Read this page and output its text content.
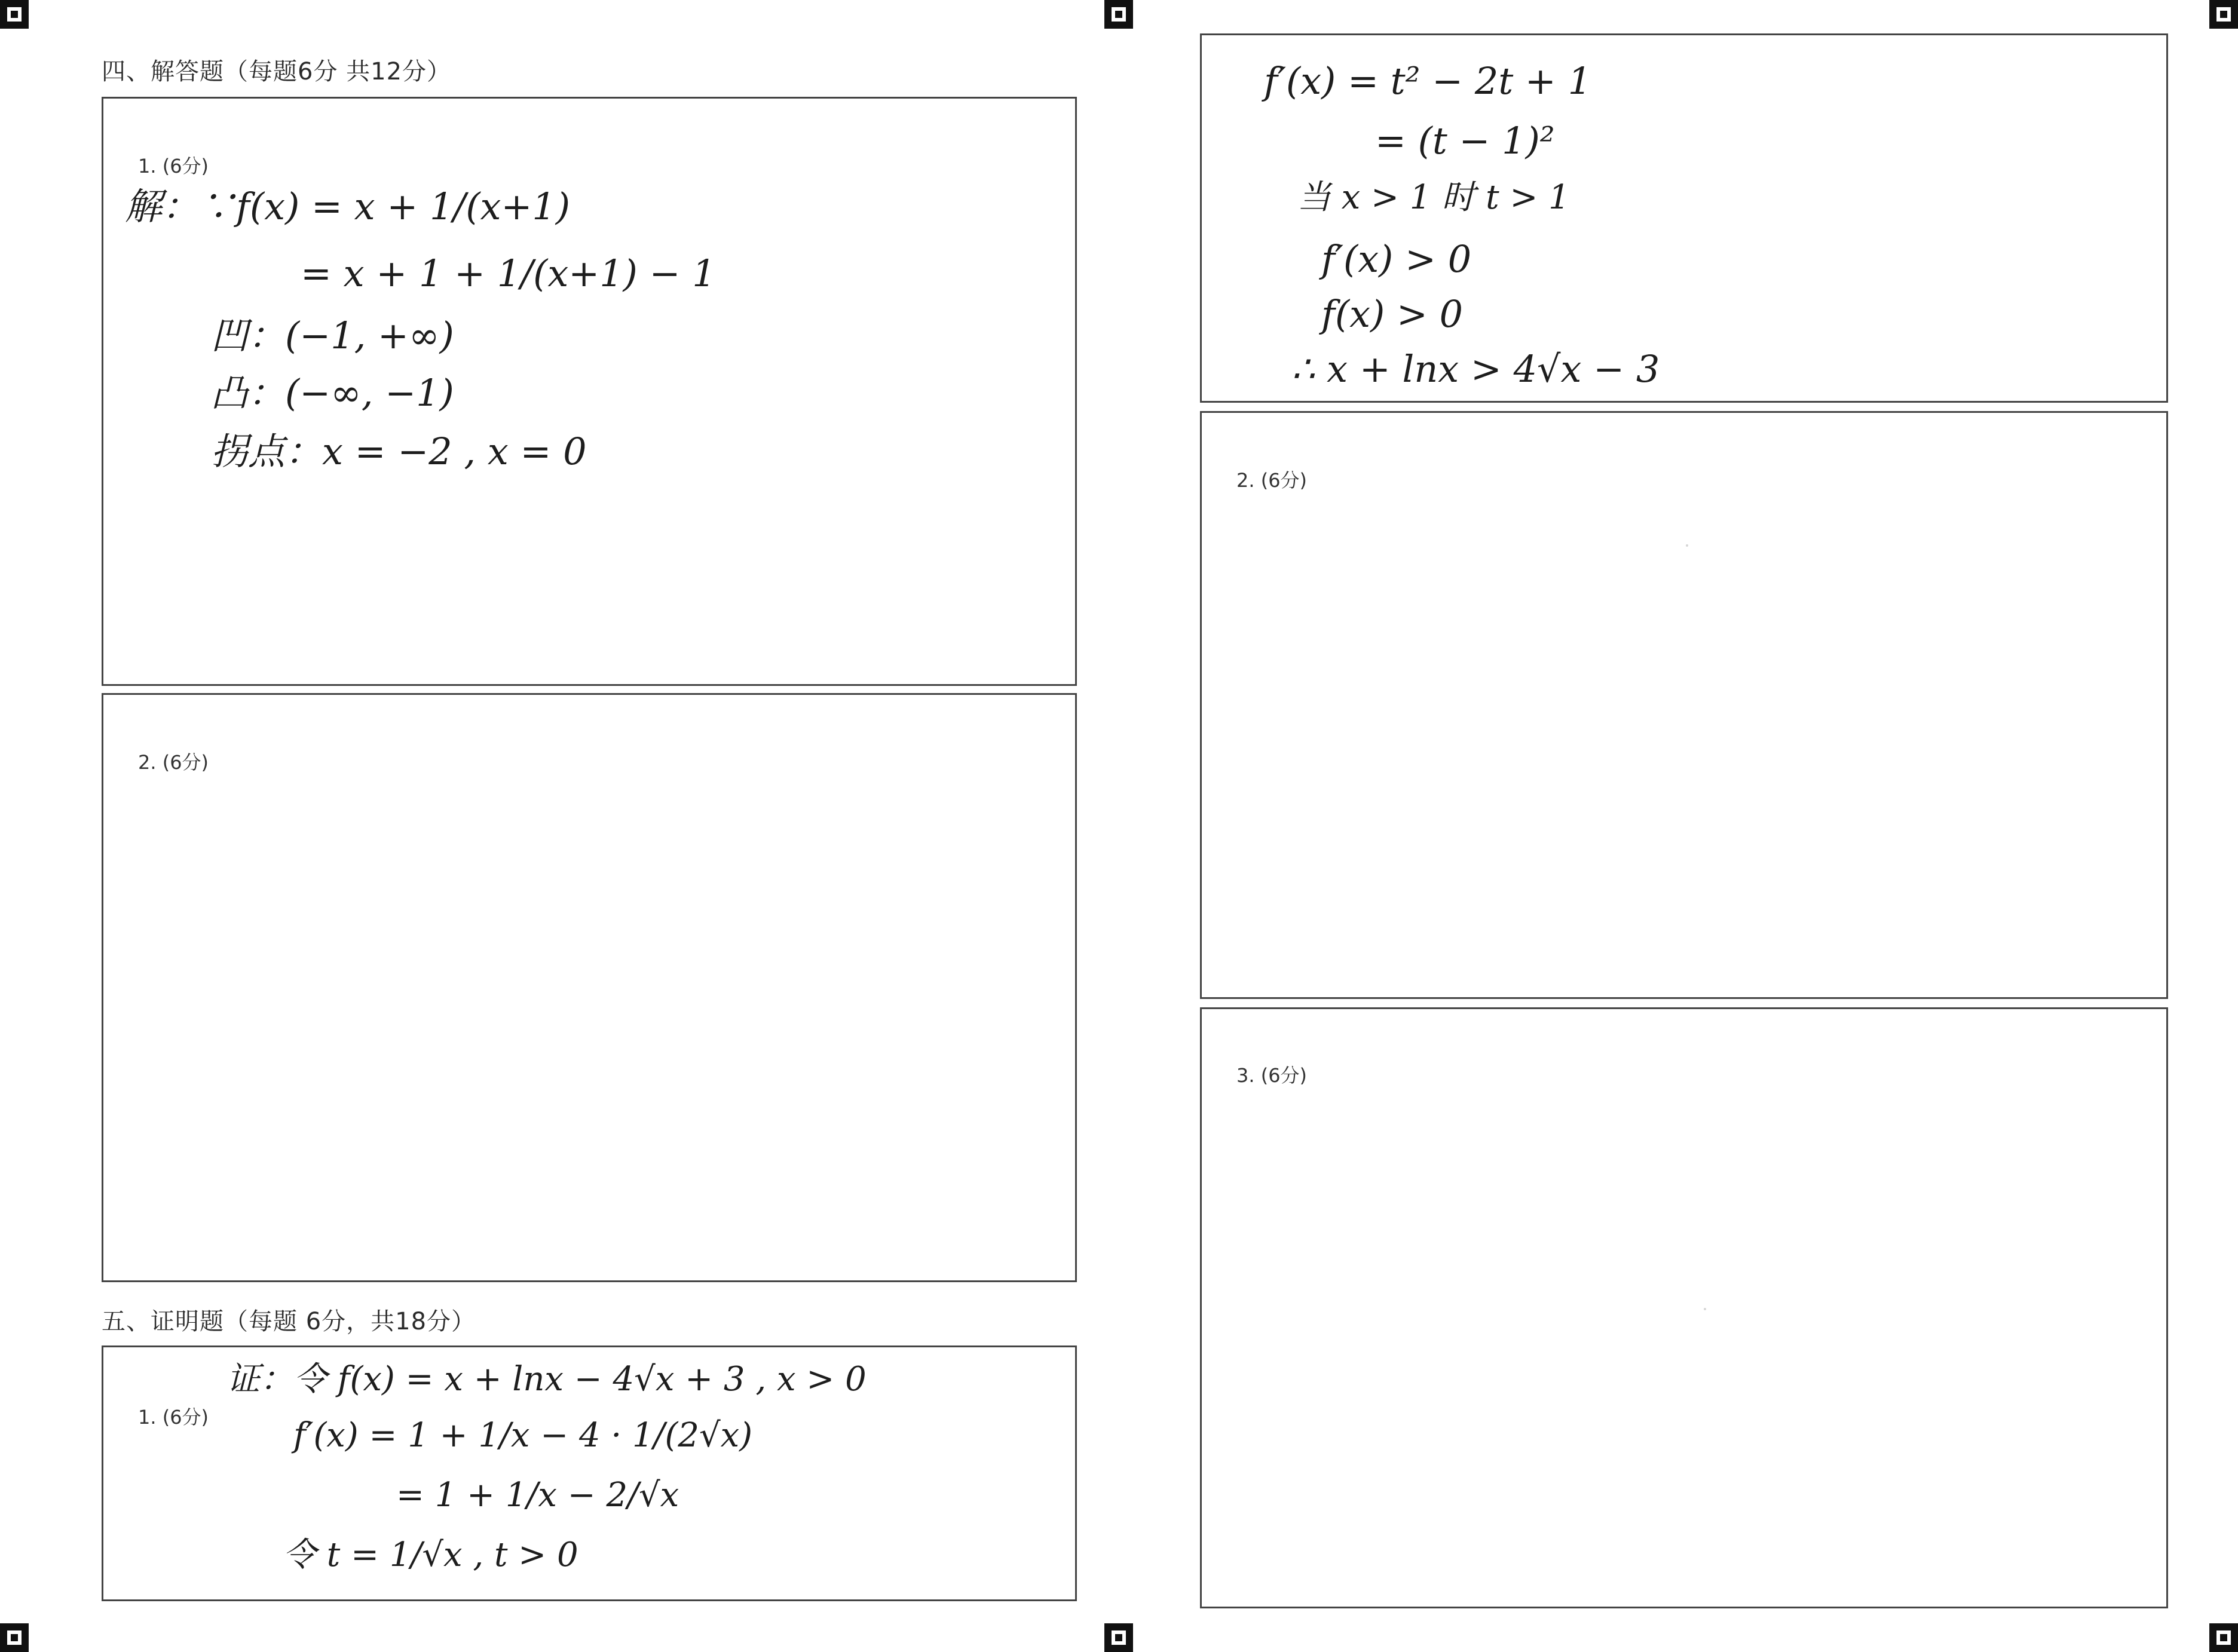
四、解答题（每题6分 共12分）
1. (6分)
解：∵f(x) = x + 1/(x+1)
= x + 1 + 1/(x+1) − 1
凹：(−1, +∞)
凸：(−∞, −1)
拐点：x = −2 , x = 0
2. (6分)
五、证明题（每题 6分，共18分）
1. (6分)
证：令 f(x) = x + lnx − 4√x + 3 , x > 0
f′(x) = 1 + 1/x − 4 · 1/(2√x)
= 1 + 1/x − 2/√x
令 t = 1/√x , t > 0
f′(x) = t² − 2t + 1
= (t − 1)²
当 x > 1 时 t > 1
f′(x) > 0
f(x) > 0
∴ x + lnx > 4√x − 3
2. (6分)
3. (6分)
